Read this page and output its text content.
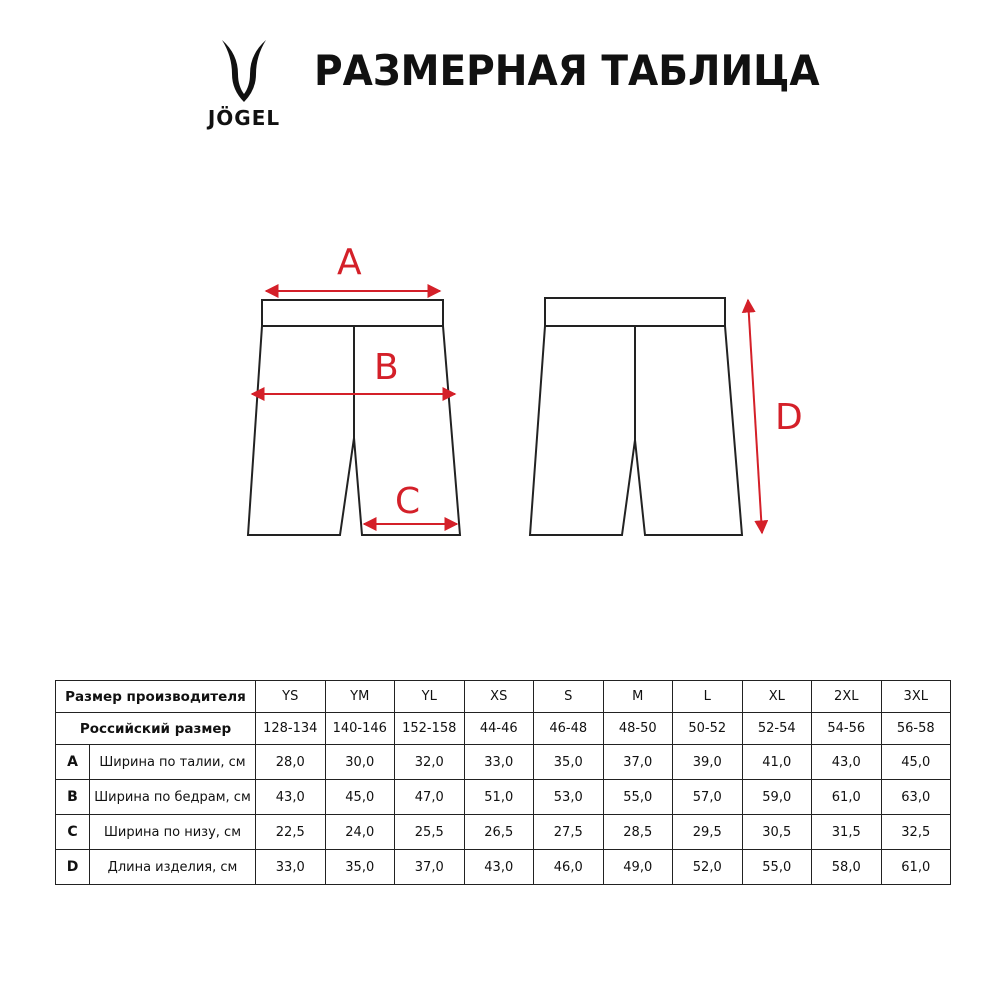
JÖGEL
РАЗМЕРНАЯ ТАБЛИЦА
A
B
C
D
Размер производителя		YS	YM	YL	XS	S	M	L	XL	2XL	3XL
Российский размер		128-134	140-146	152-158	44-46	46-48	48-50	50-52	52-54	54-56	56-58
A	Ширина по талии, см	28,0	30,0	32,0	33,0	35,0	37,0	39,0	41,0	43,0	45,0
B	Ширина по бедрам, см	43,0	45,0	47,0	51,0	53,0	55,0	57,0	59,0	61,0	63,0
C	Ширина по низу, см	22,5	24,0	25,5	26,5	27,5	28,5	29,5	30,5	31,5	32,5
D	Длина изделия, см	33,0	35,0	37,0	43,0	46,0	49,0	52,0	55,0	58,0	61,0
